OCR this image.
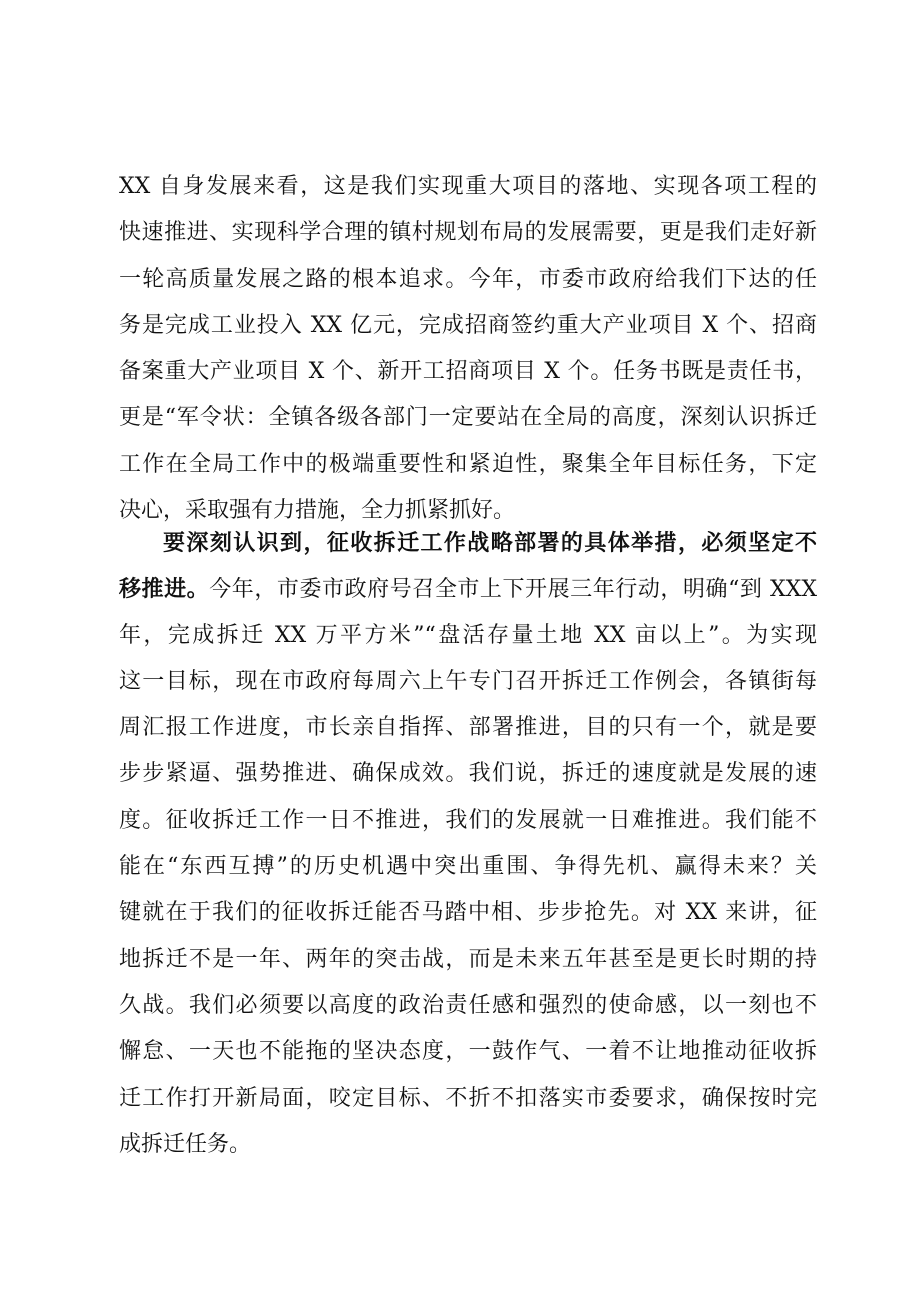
XX 自身发展来看，这是我们实现重大项目的落地、实现各项工程的
快速推进、实现科学合理的镇村规划布局的发展需要，更是我们走好新
一轮高质量发展之路的根本追求。今年，市委市政府给我们下达的任
务是完成工业投入 XX 亿元，完成招商签约重大产业项目 X 个、招商
备案重大产业项目 X 个、新开工招商项目 X 个。任务书既是责任书，
更是“军令状：全镇各级各部门一定要站在全局的高度，深刻认识拆迁
工作在全局工作中的极端重要性和紧迫性，聚集全年目标任务，下定
决心，采取强有力措施，全力抓紧抓好。
要深刻认识到，征收拆迁工作战略部署的具体举措，必须坚定不
移推进。今年，市委市政府号召全市上下开展三年行动，明确“到 XXX
年，完成拆迁 XX 万平方米”“盘活存量土地 XX 亩以上”。为实现
这一目标，现在市政府每周六上午专门召开拆迁工作例会，各镇街每
周汇报工作进度，市长亲自指挥、部署推进，目的只有一个，就是要
步步紧逼、强势推进、确保成效。我们说，拆迁的速度就是发展的速
度。征收拆迁工作一日不推进，我们的发展就一日难推进。我们能不
能在“东西互搏”的历史机遇中突出重围、争得先机、赢得未来？关
键就在于我们的征收拆迁能否马踏中相、步步抢先。对 XX 来讲，征
地拆迁不是一年、两年的突击战，而是未来五年甚至是更长时期的持
久战。我们必须要以高度的政治责任感和强烈的使命感，以一刻也不
懈怠、一天也不能拖的坚决态度，一鼓作气、一着不让地推动征收拆
迁工作打开新局面，咬定目标、不折不扣落实市委要求，确保按时完
成拆迁任务。
